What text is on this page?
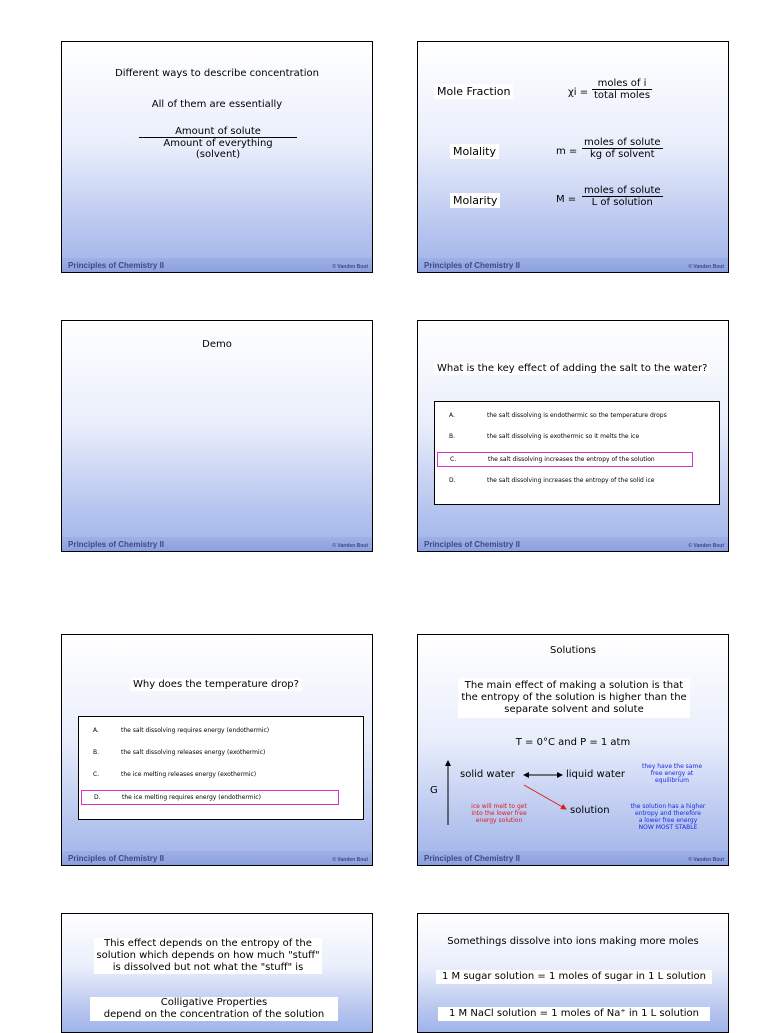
Different ways to describe concentration
All of them are essentially
Amount of solute
Amount of everything (solvent)
Principles of Chemistry II	© Vanden Bout
Mole Fraction	χi =
moles of i
total moles
Molality	m =
moles of solute
kg of solvent
Molarity	M =
moles of solute
L of solution
Principles of Chemistry II	© Vanden Bout
Demo
Principles of Chemistry II	© Vanden Bout
What is the key effect of adding the salt to the water?
A.	the salt dissolving is endothermic so the temperature drops
B.	the salt dissolving is exothermic so it melts the ice
C.	the salt dissolving increases the entropy of the solution
D.	the salt dissolving increases the entropy of the solid ice
Principles of Chemistry II	© Vanden Bout
Why does the temperature drop?
A.	the salt dissolving requires energy (endothermic)
B.	the salt dissolving releases energy (exothermic)
C.	the ice melting releases energy (exothermic)
D.	the ice melting requires energy (endothermic)
Principles of Chemistry II	© Vanden Bout
Solutions
The main effect of making a solution is that
the entropy of the solution is higher than the
separate solvent and solute
T = 0°C and P = 1 atm
G
solid water	liquid water
solution
they have the same
free energy at
equilibrium
ice will melt to get
into the lower free
energy solution
the solution has a higher
entropy and therefore
a lower free energy
NOW MOST STABLE
Principles of Chemistry II	© Vanden Bout
This effect depends on the entropy of the
solution which depends on how much "stuff"
is dissolved but not what the "stuff" is
Colligative Properties
depend on the concentration of the solution
Somethings dissolve into ions making more moles
1 M sugar solution = 1 moles of sugar in 1 L solution
1 M NaCl solution = 1 moles of Na⁺ in 1 L solution
